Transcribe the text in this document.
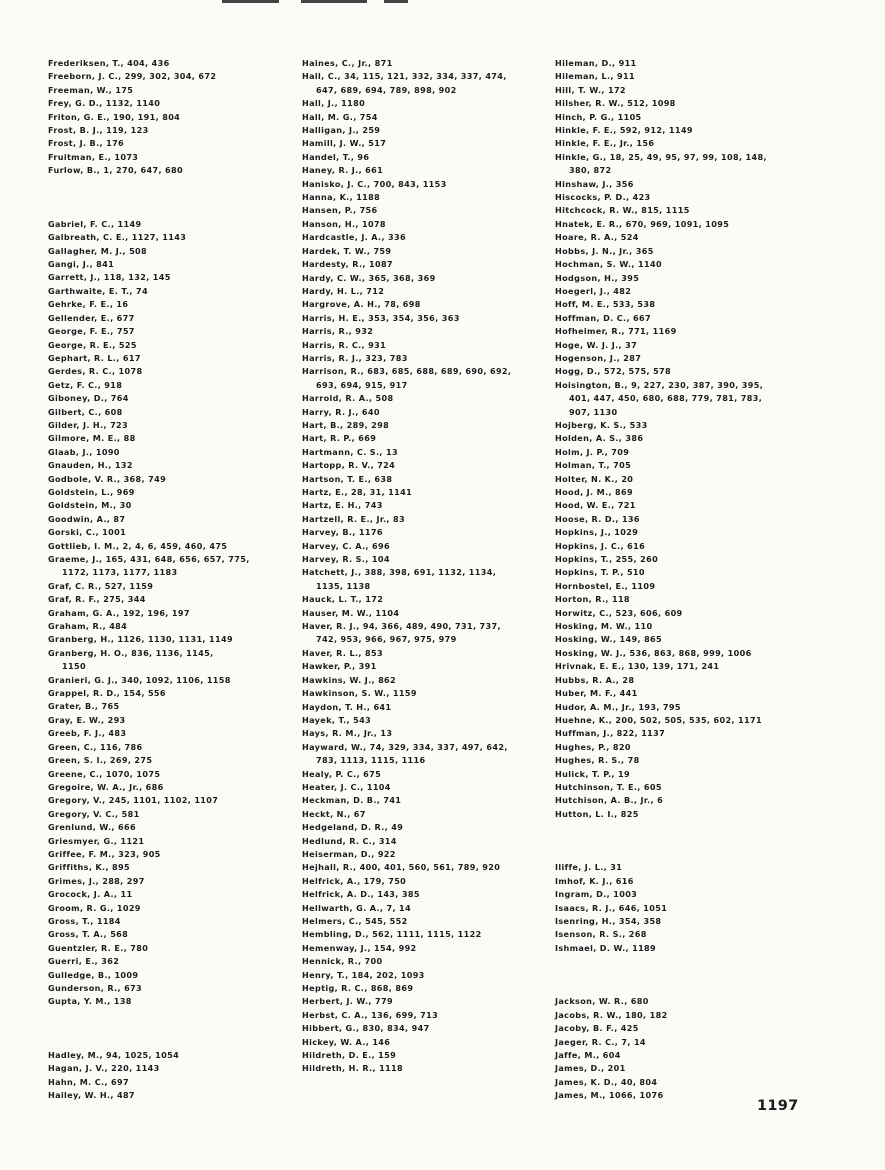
Frederiksen, T., 404, 436
Freeborn, J. C., 299, 302, 304, 672
Freeman, W., 175
Frey, G. D., 1132, 1140
Friton, G. E., 190, 191, 804
Frost, B. J., 119, 123
Frost, J. B., 176
Fruitman, E., 1073
Furlow, B., 1, 270, 647, 680
Gabriel, F. C., 1149
Galbreath, C. E., 1127, 1143
Gallagher, M. J., 508
Gangi, J., 841
Garrett, J., 118, 132, 145
Garthwaite, E. T., 74
Gehrke, F. E., 16
Gellender, E., 677
George, F. E., 757
George, R. E., 525
Gephart, R. L., 617
Gerdes, R. C., 1078
Getz, F. C., 918
Giboney, D., 764
Gilbert, C., 608
Gilder, J. H., 723
Gilmore, M. E., 88
Glaab, J., 1090
Gnauden, H., 132
Godbole, V. R., 368, 749
Goldstein, L., 969
Goldstein, M., 30
Goodwin, A., 87
Gorski, C., 1001
Gottlieb, I. M., 2, 4, 6, 459, 460, 475
Graeme, J., 165, 431, 648, 656, 657, 775,
1172, 1173, 1177, 1183
Graf, C. R., 527, 1159
Graf, R. F., 275, 344
Graham, G. A., 192, 196, 197
Graham, R., 484
Granberg, H., 1126, 1130, 1131, 1149
Granberg, H. O., 836, 1136, 1145,
1150
Granieri, G. J., 340, 1092, 1106, 1158
Grappel, R. D., 154, 556
Grater, B., 765
Gray, E. W., 293
Greeb, F. J., 483
Green, C., 116, 786
Green, S. I., 269, 275
Greene, C., 1070, 1075
Gregoire, W. A., Jr., 686
Gregory, V., 245, 1101, 1102, 1107
Gregory, V. C., 581
Grenlund, W., 666
Griesmyer, G., 1121
Griffee, F. M., 323, 905
Griffiths, K., 895
Grimes, J., 288, 297
Grocock, J. A., 11
Groom, R. G., 1029
Gross, T., 1184
Gross, T. A., 568
Guentzler, R. E., 780
Guerri, E., 362
Gulledge, B., 1009
Gunderson, R., 673
Gupta, Y. M., 138
Hadley, M., 94, 1025, 1054
Hagan, J. V., 220, 1143
Hahn, M. C., 697
Hailey, W. H., 487
Haines, C., Jr., 871
Hall, C., 34, 115, 121, 332, 334, 337, 474,
647, 689, 694, 789, 898, 902
Hall, J., 1180
Hall, M. G., 754
Halligan, J., 259
Hamill, J. W., 517
Handel, T., 96
Haney, R. J., 661
Hanisko, J. C., 700, 843, 1153
Hanna, K., 1188
Hansen, P., 756
Hanson, H., 1078
Hardcastle, J. A., 336
Hardek, T. W., 759
Hardesty, R., 1087
Hardy, C. W., 365, 368, 369
Hardy, H. L., 712
Hargrove, A. H., 78, 698
Harris, H. E., 353, 354, 356, 363
Harris, R., 932
Harris, R. C., 931
Harris, R. J., 323, 783
Harrison, R., 683, 685, 688, 689, 690, 692,
693, 694, 915, 917
Harrold, R. A., 508
Harry, R. J., 640
Hart, B., 289, 298
Hart, R. P., 669
Hartmann, C. S., 13
Hartopp, R. V., 724
Hartson, T. E., 638
Hartz, E., 28, 31, 1141
Hartz, E. H., 743
Hartzell, R. E., Jr., 83
Harvey, B., 1176
Harvey, C. A., 696
Harvey, R. S., 104
Hatchett, J., 388, 398, 691, 1132, 1134,
1135, 1138
Hauck, L. T., 172
Hauser, M. W., 1104
Haver, R. J., 94, 366, 489, 490, 731, 737,
742, 953, 966, 967, 975, 979
Haver, R. L., 853
Hawker, P., 391
Hawkins, W. J., 862
Hawkinson, S. W., 1159
Haydon, T. H., 641
Hayek, T., 543
Hays, R. M., Jr., 13
Hayward, W., 74, 329, 334, 337, 497, 642,
783, 1113, 1115, 1116
Healy, P. C., 675
Heater, J. C., 1104
Heckman, D. B., 741
Heckt, N., 67
Hedgeland, D. R., 49
Hedlund, R. C., 314
Heiserman, D., 922
Hejhall, R., 400, 401, 560, 561, 789, 920
Helfrick, A., 179, 750
Helfrick, A. D., 143, 385
Hellwarth, G. A., 7, 14
Helmers, C., 545, 552
Hembling, D., 562, 1111, 1115, 1122
Hemenway, J., 154, 992
Hennick, R., 700
Henry, T., 184, 202, 1093
Heptig, R. C., 868, 869
Herbert, J. W., 779
Herbst, C. A., 136, 699, 713
Hibbert, G., 830, 834, 947
Hickey, W. A., 146
Hildreth, D. E., 159
Hildreth, H. R., 1118
Hileman, D., 911
Hileman, L., 911
Hill, T. W., 172
Hilsher, R. W., 512, 1098
Hinch, P. G., 1105
Hinkle, F. E., 592, 912, 1149
Hinkle, F. E., Jr., 156
Hinkle, G., 18, 25, 49, 95, 97, 99, 108, 148,
380, 872
Hinshaw, J., 356
Hiscocks, P. D., 423
Hitchcock, R. W., 815, 1115
Hnatek, E. R., 670, 969, 1091, 1095
Hoare, R. A., 524
Hobbs, J. N., Jr., 365
Hochman, S. W., 1140
Hodgson, H., 395
Hoegerl, J., 482
Hoff, M. E., 533, 538
Hoffman, D. C., 667
Hofheimer, R., 771, 1169
Hoge, W. J. J., 37
Hogenson, J., 287
Hogg, D., 572, 575, 578
Hoisington, B., 9, 227, 230, 387, 390, 395,
401, 447, 450, 680, 688, 779, 781, 783,
907, 1130
Hojberg, K. S., 533
Holden, A. S., 386
Holm, J. P., 709
Holman, T., 705
Holter, N. K., 20
Hood, J. M., 869
Hood, W. E., 721
Hoose, R. D., 136
Hopkins, J., 1029
Hopkins, J. C., 616
Hopkins, T., 255, 260
Hopkins, T. P., 510
Hornbostel, E., 1109
Horton, R., 118
Horwitz, C., 523, 606, 609
Hosking, M. W., 110
Hosking, W., 149, 865
Hosking, W. J., 536, 863, 868, 999, 1006
Hrivnak, E. E., 130, 139, 171, 241
Hubbs, R. A., 28
Huber, M. F., 441
Hudor, A. M., Jr., 193, 795
Huehne, K., 200, 502, 505, 535, 602, 1171
Huffman, J., 822, 1137
Hughes, P., 820
Hughes, R. S., 78
Hulick, T. P., 19
Hutchinson, T. E., 605
Hutchison, A. B., Jr., 6
Hutton, L. I., 825
Iliffe, J. L., 31
Imhof, K. J., 616
Ingram, D., 1003
Isaacs, R. J., 646, 1051
Isenring, H., 354, 358
Isenson, R. S., 268
Ishmael, D. W., 1189
Jackson, W. R., 680
Jacobs, R. W., 180, 182
Jacoby, B. F., 425
Jaeger, R. C., 7, 14
Jaffe, M., 604
James, D., 201
James, K. D., 40, 804
James, M., 1066, 1076
1197
